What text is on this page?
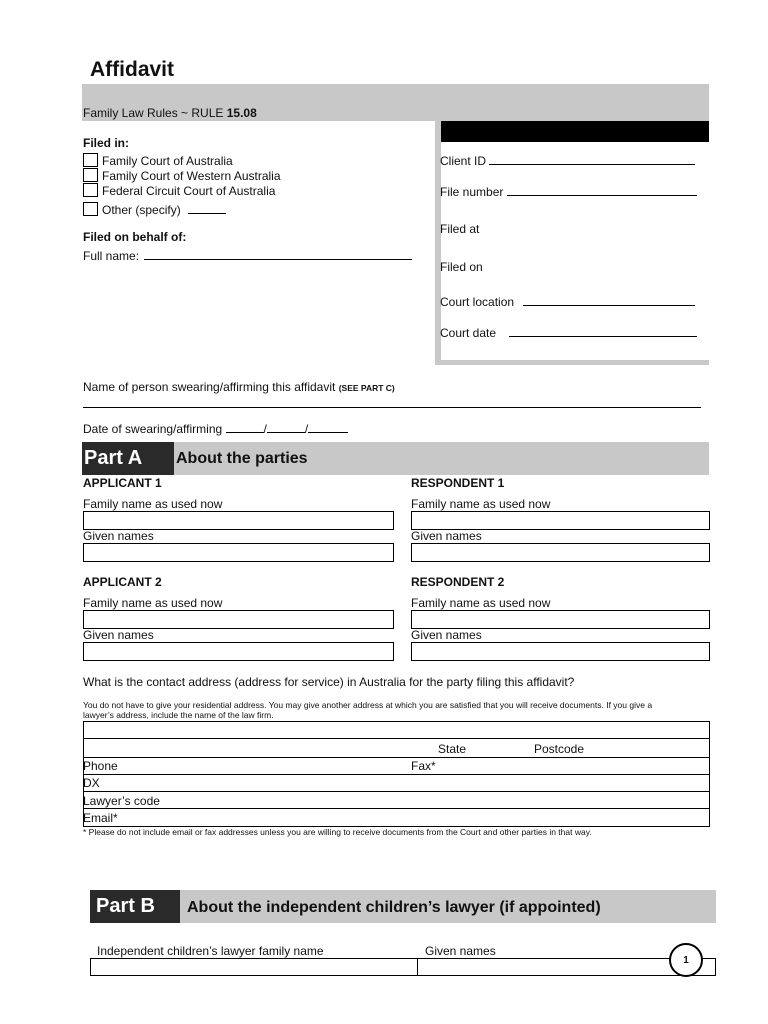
Affidavit
Family Law Rules ~ RULE 15.08
Client ID
File number
Filed at
Filed on
Court location
Court date
Filed in:
Family Court of Australia
Family Court of Western Australia
Federal Circuit Court of Australia
Other (specify)
Filed on behalf of:
Full name:
Name of person swearing/affirming this affidavit (SEE PART C)
Date of swearing/affirming	/	/
Part A	About the parties
APPLICANT 1	RESPONDENT 1
Family name as used now	Family name as used now
Given names	Given names
APPLICANT 2	RESPONDENT 2
Family name as used now	Family name as used now
Given names	Given names
What is the contact address (address for service) in Australia for the party filing this affidavit?
You do not have to give your residential address. You may give another address at which you are satisfied that you will receive documents. If you give a lawyer’s address, include the name of the law firm.
State	Postcode
Phone	Fax*
DX
Lawyer’s code
Email*
* Please do not include email or fax addresses unless you are willing to receive documents from the Court and other parties in that way.
Part B	About the independent children’s lawyer (if appointed)
Independent children’s lawyer family name	Given names
1
